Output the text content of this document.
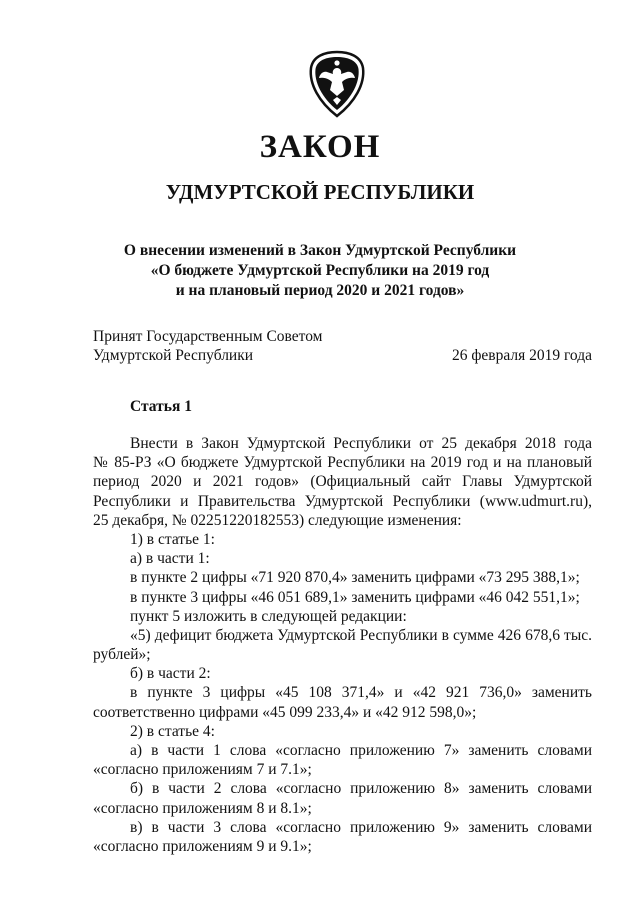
ЗАКОН
УДМУРТСКОЙ РЕСПУБЛИКИ
О внесении изменений в Закон Удмуртской Республики
«О бюджете Удмуртской Республики на 2019 год
и на плановый период 2020 и 2021 годов»
Принят Государственным Советом
Удмуртской Республики	26 февраля 2019 года
Статья 1
Внести в Закон Удмуртской Республики от 25 декабря 2018 года
№ 85-РЗ «О бюджете Удмуртской Республики на 2019 год и на плановый
период 2020 и 2021 годов» (Официальный сайт Главы Удмуртской
Республики и Правительства Удмуртской Республики (www.udmurt.ru),
25 декабря, № 02251220182553) следующие изменения:
1) в статье 1:
а) в части 1:
в пункте 2 цифры «71 920 870,4» заменить цифрами «73 295 388,1»;
в пункте 3 цифры «46 051 689,1» заменить цифрами «46 042 551,1»;
пункт 5 изложить в следующей редакции:
«5) дефицит бюджета Удмуртской Республики в сумме 426 678,6 тыс.
рублей»;
б) в части 2:
в пункте 3 цифры «45 108 371,4» и «42 921 736,0» заменить
соответственно цифрами «45 099 233,4» и «42 912 598,0»;
2) в статье 4:
а) в части 1 слова «согласно приложению 7» заменить словами
«согласно приложениям 7 и 7.1»;
б) в части 2 слова «согласно приложению 8» заменить словами
«согласно приложениям 8 и 8.1»;
в) в части 3 слова «согласно приложению 9» заменить словами
«согласно приложениям 9 и 9.1»;
